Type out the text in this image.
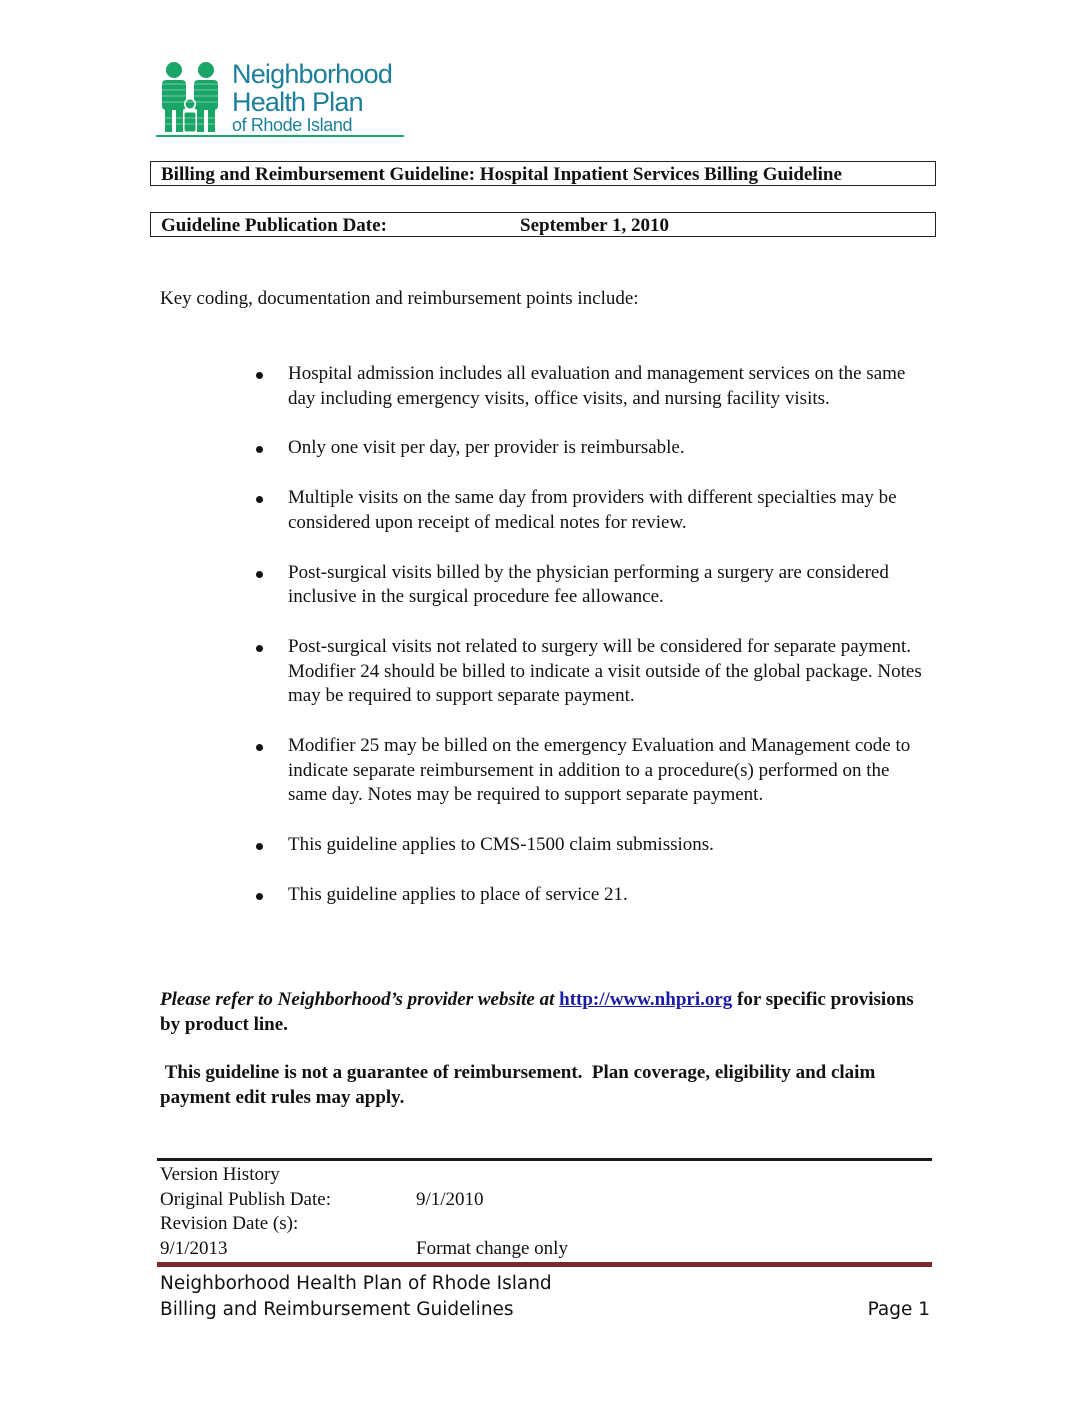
Neighborhood
Health Plan
of Rhode Island
Billing and Reimbursement Guideline: Hospital Inpatient Services Billing Guideline
Guideline Publication Date:	September 1, 2010
Key coding, documentation and reimbursement points include:
Hospital admission includes all evaluation and management services on the same day including emergency visits, office visits, and nursing facility visits.
Only one visit per day, per provider is reimbursable.
Multiple visits on the same day from providers with different specialties may be considered upon receipt of medical notes for review.
Post-surgical visits billed by the physician performing a surgery are considered inclusive in the surgical procedure fee allowance.
Post-surgical visits not related to surgery will be considered for separate payment. Modifier 24 should be billed to indicate a visit outside of the global package. Notes may be required to support separate payment.
Modifier 25 may be billed on the emergency Evaluation and Management code to indicate separate reimbursement in addition to a procedure(s) performed on the same day. Notes may be required to support separate payment.
This guideline applies to CMS-1500 claim submissions.
This guideline applies to place of service 21.
Please refer to Neighborhood’s provider website at http://www.nhpri.org for specific provisions by product line.
This guideline is not a guarantee of reimbursement.  Plan coverage, eligibility and claim payment edit rules may apply.
Version History
Original Publish Date:	9/1/2010
Revision Date (s):
9/1/2013	Format change only
Neighborhood Health Plan of Rhode Island
Billing and Reimbursement Guidelines	Page 1
